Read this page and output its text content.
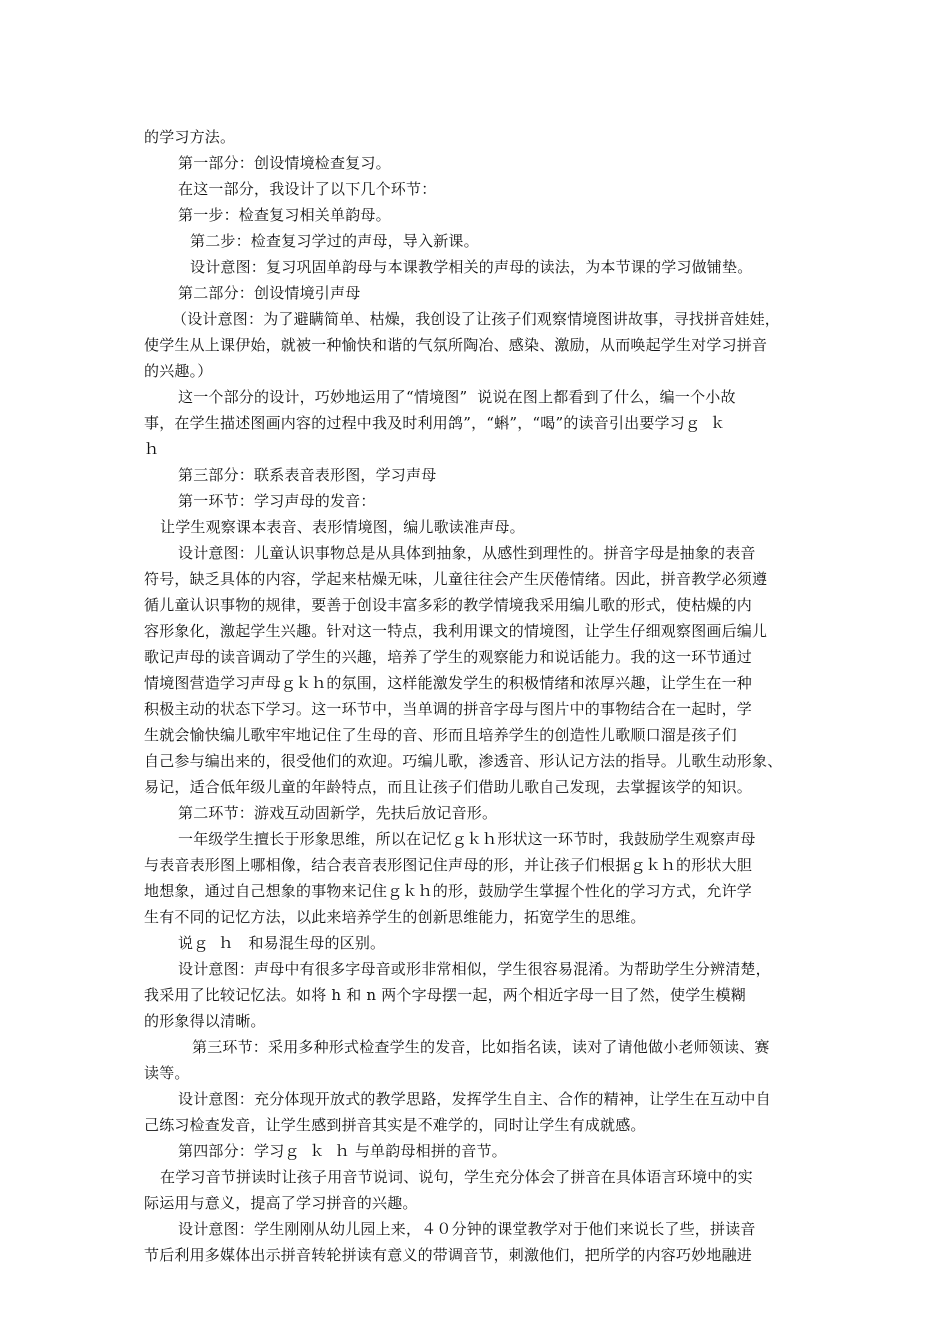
的学习方法。
第一部分：创设情境检查复习。
在这一部分，我设计了以下几个环节：
第一步：检查复习相关单韵母。
第二步：检查复习学过的声母，导入新课。
设计意图：复习巩固单韵母与本课教学相关的声母的读法，为本节课的学习做铺垫。
第二部分：创设情境引声母
（设计意图：为了避瞒简单、枯燥，我创设了让孩子们观察情境图讲故事，寻找拼音娃娃，
使学生从上课伊始，就被一种愉快和谐的气氛所陶冶、感染、激励，从而唤起学生对学习拼音
的兴趣。）
这一个部分的设计，巧妙地运用了“情境图”  说说在图上都看到了什么，编一个小故
事，在学生描述图画内容的过程中我及时利用鸽”，“蝌”，“喝”的读音引出要学习ｇ  ｋ
ｈ
第三部分：联系表音表形图，学习声母
第一环节：学习声母的发音：
让学生观察课本表音、表形情境图，编儿歌读准声母。
设计意图：儿童认识事物总是从具体到抽象，从感性到理性的。拼音字母是抽象的表音
符号，缺乏具体的内容，学起来枯燥无味，儿童往往会产生厌倦情绪。因此，拼音教学必须遵
循儿童认识事物的规律，要善于创设丰富多彩的教学情境我采用编儿歌的形式，使枯燥的内
容形象化，激起学生兴趣。针对这一特点，我利用课文的情境图，让学生仔细观察图画后编儿
歌记声母的读音调动了学生的兴趣，培养了学生的观察能力和说话能力。我的这一环节通过
情境图营造学习声母ｇｋｈ的氛围，这样能激发学生的积极情绪和浓厚兴趣，让学生在一种
积极主动的状态下学习。这一环节中，当单调的拼音字母与图片中的事物结合在一起时，学
生就会愉快编儿歌牢牢地记住了生母的音、形而且培养学生的创造性儿歌顺口溜是孩子们
自己参与编出来的，很受他们的欢迎。巧编儿歌，渗透音、形认记方法的指导。儿歌生动形象、
易记，适合低年级儿童的年龄特点，而且让孩子们借助儿歌自己发现，去掌握该学的知识。
第二环节：游戏互动固新学，先扶后放记音形。
一年级学生擅长于形象思维，所以在记忆ｇｋｈ形状这一环节时，我鼓励学生观察声母
与表音表形图上哪相像，结合表音表形图记住声母的形，并让孩子们根据ｇｋｈ的形状大胆
地想象，通过自己想象的事物来记住ｇｋｈ的形，鼓励学生掌握个性化的学习方式，允许学
生有不同的记忆方法，以此来培养学生的创新思维能力，拓宽学生的思维。
说ｇ  ｈ   和易混生母的区别。
设计意图：声母中有很多字母音或形非常相似，学生很容易混淆。为帮助学生分辨清楚，
我采用了比较记忆法。如将 h 和 n 两个字母摆一起，两个相近字母一目了然，使学生模糊
的形象得以清晰。
第三环节：采用多种形式检查学生的发音，比如指名读，读对了请他做小老师领读、赛
读等。
设计意图：充分体现开放式的教学思路，发挥学生自主、合作的精神，让学生在互动中自
己练习检查发音，让学生感到拼音其实是不难学的，同时让学生有成就感。
第四部分：学习ｇ  ｋ  ｈ 与单韵母相拼的音节。
在学习音节拼读时让孩子用音节说词、说句，学生充分体会了拼音在具体语言环境中的实
际运用与意义，提高了学习拼音的兴趣。
设计意图：学生刚刚从幼儿园上来，４０分钟的课堂教学对于他们来说长了些，拼读音
节后利用多媒体出示拼音转轮拼读有意义的带调音节，刺激他们，把所学的内容巧妙地融进
